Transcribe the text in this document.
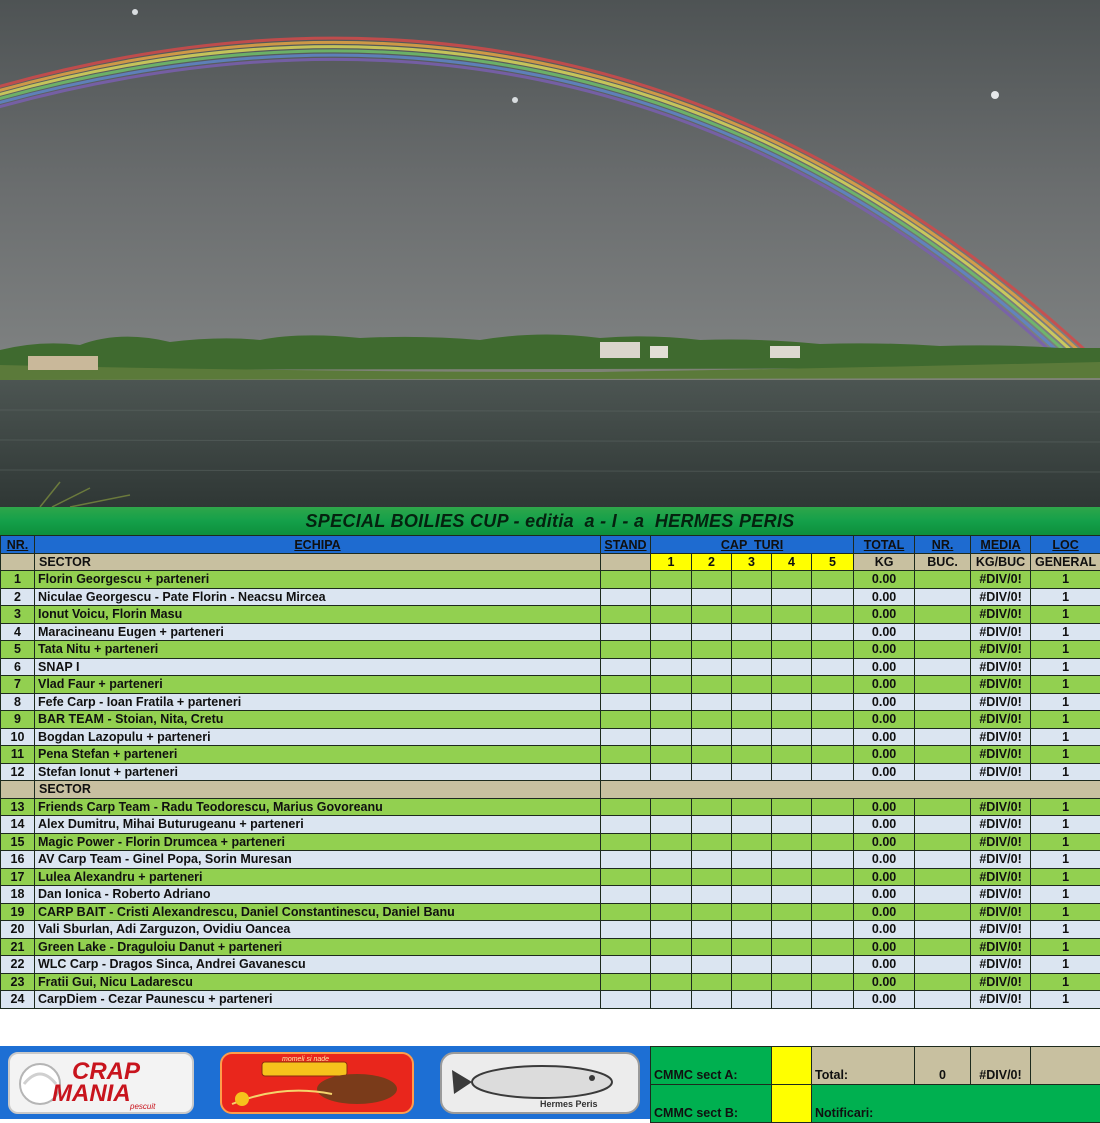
SPECIAL BOILIES CUP - editia  a - I - a  HERMES PERIS
NR.	ECHIPA	STAND	CAP  TURI					TOTAL	NR.	MEDIA	LOC
	SECTOR		1	2	3	4	5	KG	BUC.	KG/BUC	GENERAL
1	Florin Georgescu + parteneri							0.00		#DIV/0!	1
2	Niculae Georgescu - Pate Florin - Neacsu Mircea							0.00		#DIV/0!	1
3	Ionut Voicu, Florin Masu							0.00		#DIV/0!	1
4	Maracineanu Eugen + parteneri							0.00		#DIV/0!	1
5	Tata Nitu + parteneri							0.00		#DIV/0!	1
6	SNAP I							0.00		#DIV/0!	1
7	Vlad Faur + parteneri							0.00		#DIV/0!	1
8	Fefe Carp - Ioan Fratila + parteneri							0.00		#DIV/0!	1
9	BAR TEAM - Stoian, Nita, Cretu							0.00		#DIV/0!	1
10	Bogdan Lazopulu + parteneri							0.00		#DIV/0!	1
11	Pena Stefan + parteneri							0.00		#DIV/0!	1
12	Stefan Ionut + parteneri							0.00		#DIV/0!	1
	SECTOR										
13	Friends Carp Team - Radu Teodorescu, Marius Govoreanu							0.00		#DIV/0!	1
14	Alex Dumitru, Mihai Buturugeanu + parteneri							0.00		#DIV/0!	1
15	Magic Power - Florin Drumcea + parteneri							0.00		#DIV/0!	1
16	AV Carp Team - Ginel Popa, Sorin Muresan							0.00		#DIV/0!	1
17	Lulea Alexandru + parteneri							0.00		#DIV/0!	1
18	Dan Ionica - Roberto Adriano							0.00		#DIV/0!	1
19	CARP BAIT - Cristi Alexandrescu, Daniel Constantinescu, Daniel Banu							0.00		#DIV/0!	1
20	Vali Sburlan, Adi Zarguzon, Ovidiu Oancea							0.00		#DIV/0!	1
21	Green Lake - Draguloiu Danut + parteneri							0.00		#DIV/0!	1
22	WLC Carp - Dragos Sinca, Andrei Gavanescu							0.00		#DIV/0!	1
23	Fratii Gui, Nicu Ladarescu							0.00		#DIV/0!	1
24	CarpDiem - Cezar Paunescu + parteneri							0.00		#DIV/0!	1
CRAP
MANIA pescuit
momeli si nade
Hermes Peris
CMMC sect A:		Total:	0	#DIV/0!	
CMMC sect B:		Notificari:			
